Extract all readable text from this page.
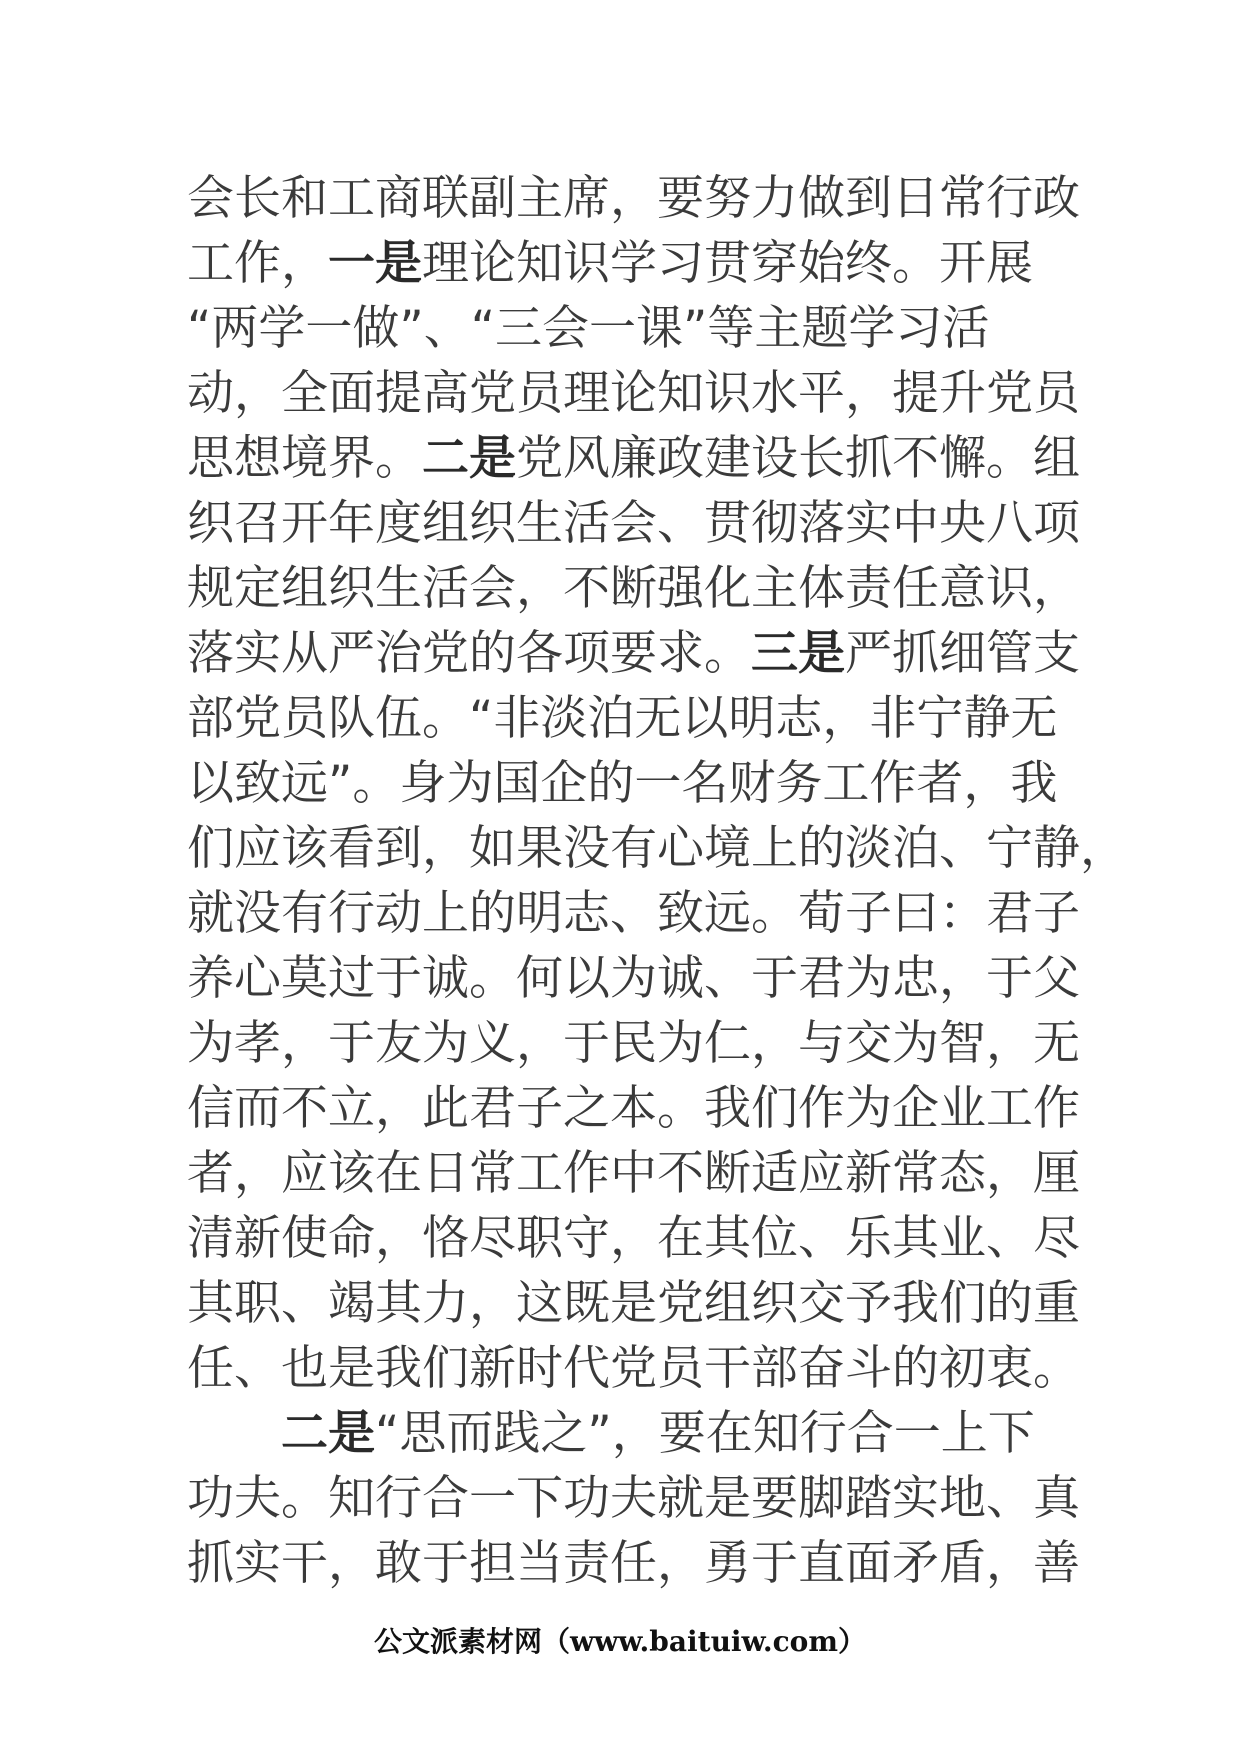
会长和工商联副主席，要努力做到日常行政
工作，一是理论知识学习贯穿始终。开展
“两学一做”、“三会一课”等主题学习活
动，全面提高党员理论知识水平，提升党员
思想境界。二是党风廉政建设长抓不懈。组
织召开年度组织生活会、贯彻落实中央八项
规定组织生活会，不断强化主体责任意识，
落实从严治党的各项要求。三是严抓细管支
部党员队伍。“非淡泊无以明志，非宁静无
以致远”。身为国企的一名财务工作者，我
们应该看到，如果没有心境上的淡泊、宁静，
就没有行动上的明志、致远。荀子曰：君子
养心莫过于诚。何以为诚、于君为忠，于父
为孝，于友为义，于民为仁，与交为智，无
信而不立，此君子之本。我们作为企业工作
者，应该在日常工作中不断适应新常态，厘
清新使命，恪尽职守，在其位、乐其业、尽
其职、竭其力，这既是党组织交予我们的重
任、也是我们新时代党员干部奋斗的初衷。
二是“思而践之”，要在知行合一上下
功夫。知行合一下功夫就是要脚踏实地、真
抓实干，敢于担当责任，勇于直面矛盾，善
公文派素材网（www.baituiw.com）
